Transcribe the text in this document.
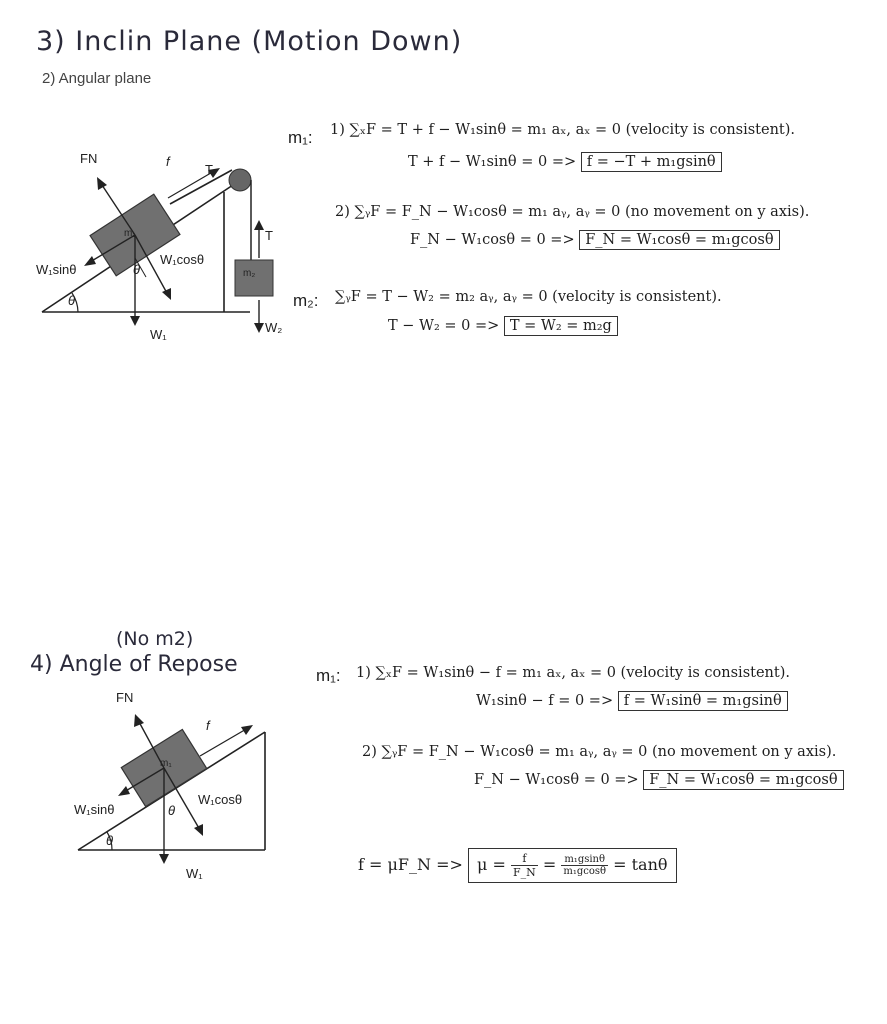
3) Inclin Plane (Motion Down)
2) Angular plane
FN	f
T
W₁sinθ
W₁cosθ
θ
θ
W₁
m₁
m₂
T
W₂
m₁: 1) ∑ₓF = T + f − W₁sinθ = m₁ aₓ, aₓ = 0 (velocity is consistent).
T + f − W₁sinθ = 0 => f = −T + m₁gsinθ
2) ∑ᵧF = F_N − W₁cosθ = m₁ aᵧ, aᵧ = 0 (no movement on y axis).
F_N − W₁cosθ = 0 => F_N = W₁cosθ = m₁gcosθ
m₂: ∑ᵧF = T − W₂ = m₂ aᵧ, aᵧ = 0 (velocity is consistent).
T − W₂ = 0 => T = W₂ = m₂g
(No m2)
4) Angle of Repose
FN
f
m₁
W₁sinθ
W₁cosθ
θ
θ
W₁
m₁: 1) ∑ₓF = W₁sinθ − f = m₁ aₓ, aₓ = 0 (velocity is consistent).
W₁sinθ − f = 0 => f = W₁sinθ = m₁gsinθ
2) ∑ᵧF = F_N − W₁cosθ = m₁ aᵧ, aᵧ = 0 (no movement on y axis).
F_N − W₁cosθ = 0 => F_N = W₁cosθ = m₁gcosθ
f = μF_N => $\mu = \frac{f}{F\_N} = \frac{\text{m₁gsinθ}}{\text{m₁gcosθ}} = \tan\theta$
